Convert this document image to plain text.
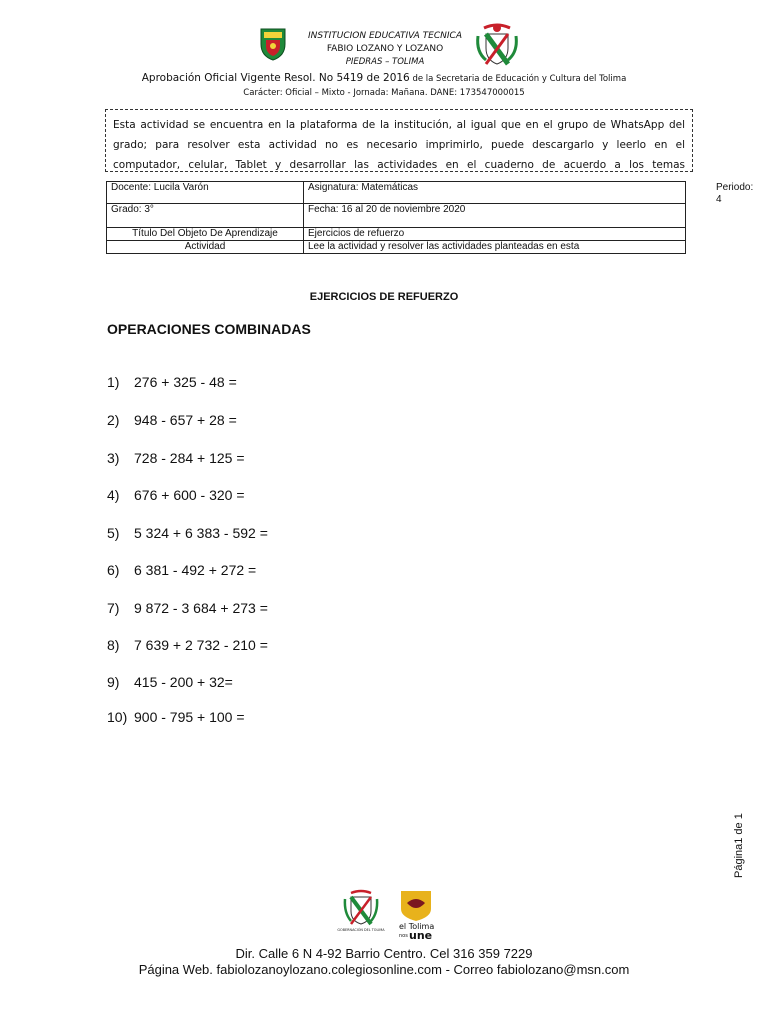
INSTITUCION EDUCATIVA TECNICA
FABIO LOZANO Y LOZANO
PIEDRAS – TOLIMA
Aprobación Oficial Vigente Resol. No 5419 de 2016 de la Secretaria de Educación y Cultura del Tolima
Carácter: Oficial – Mixto - Jornada: Mañana. DANE: 173547000015
Esta actividad se encuentra en la plataforma de la institución, al igual que en el grupo de WhatsApp del grado; para resolver esta actividad no es necesario imprimirlo, puede descargarlo y leerlo en el computador, celular, Tablet y desarrollar las actividades en el cuaderno de acuerdo a los temas
Docente: Lucila Varón	Asignatura: Matemáticas Periodo: 4

Grado: 3°	Fecha: 16 al 20 de noviembre 2020
Título Del Objeto De Aprendizaje	Ejercicios de refuerzo
Actividad	Lee la actividad y resolver las actividades planteadas en esta
EJERCICIOS DE REFUERZO
OPERACIONES COMBINADAS
1) 276 + 325 - 48 =
2) 948 - 657 + 28 =
3) 728 - 284 + 125 =
4) 676 + 600 - 320 =
5) 5 324 + 6 383 - 592 =
6) 6 381 - 492 + 272 =
7) 9 872 - 3 684 + 273 =
8) 7 639 + 2 732 - 210 =
9) 415 - 200 + 32=
10) 900 - 795 + 100 =
Página1 de 1
GOBERNACIÓN DEL TOLIMA el Tolima
nos une
Dir. Calle 6 N 4-92 Barrio Centro. Cel 316 359 7229
Página Web. fabiolozanoylozano.colegiosonline.com - Correo fabiolozano@msn.com
